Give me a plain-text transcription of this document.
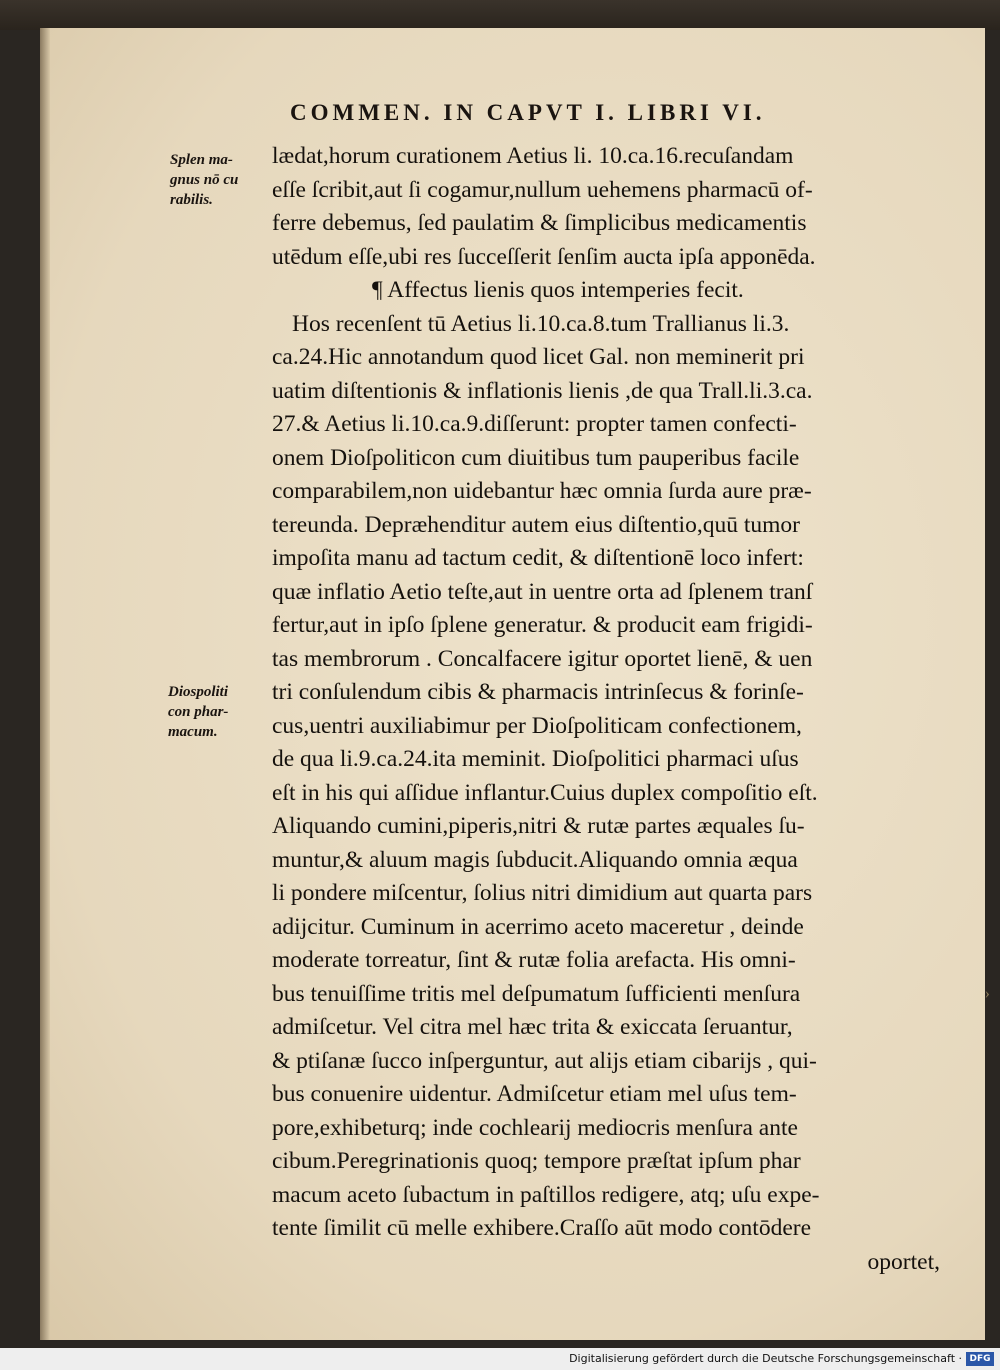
COMMEN. IN CAPVT I. LIBRI VI.
Splen ma-
gnus nō cu
rabilis.
Diospoliti
con phar-
macum.
lædat,horum curationem Aetius li. 10.ca.16.recuſandam
eſſe ſcribit,aut ſi cogamur,nullum uehemens pharmacū of-
ferre debemus, ſed paulatim & ſimplicibus medicamentis
utēdum eſſe,ubi res ſucceſſerit ſenſim aucta ipſa apponēda.
¶ Affectus lienis quos intemperies fecit.
Hos recenſent tū Aetius li.10.ca.8.tum Trallianus li.3.
ca.24.Hic annotandum quod licet Gal. non meminerit pri
uatim diſtentionis & inflationis lienis ,de qua Trall.li.3.ca.
27.& Aetius li.10.ca.9.diſſerunt: propter tamen confecti-
onem Dioſpoliticon cum diuitibus tum pauperibus facile
comparabilem,non uidebantur hæc omnia ſurda aure præ-
tereunda. Depræhenditur autem eius diſtentio,quū tumor
impoſita manu ad tactum cedit, & diſtentionē loco infert:
quæ inflatio Aetio teſte,aut in uentre orta ad ſplenem tranſ
fertur,aut in ipſo ſplene generatur. & producit eam frigidi-
tas membrorum . Concalfacere igitur oportet lienē, & uen
tri conſulendum cibis & pharmacis intrinſecus & forinſe-
cus,uentri auxiliabimur per Dioſpoliticam confectionem,
de qua li.9.ca.24.ita meminit. Dioſpolitici pharmaci uſus
eſt in his qui aſſidue inflantur.Cuius duplex compoſitio eſt.
Aliquando cumini,piperis,nitri & rutæ partes æquales ſu-
muntur,& aluum magis ſubducit.Aliquando omnia æqua
li pondere miſcentur, ſolius nitri dimidium aut quarta pars
adijcitur. Cuminum in acerrimo aceto maceretur , deinde
moderate torreatur, ſint & rutæ folia arefacta. His omni-
bus tenuiſſime tritis mel deſpumatum ſufficienti menſura
admiſcetur. Vel citra mel hæc trita & exiccata ſeruantur,
& ptiſanæ ſucco inſperguntur, aut alijs etiam cibarijs , qui-
bus conuenire uidentur. Admiſcetur etiam mel uſus tem-
pore,exhibeturq; inde cochlearij mediocris menſura ante
cibum.Peregrinationis quoq; tempore præſtat ipſum phar
macum aceto ſubactum in paſtillos redigere, atq; uſu expe-
tente ſimilit cū melle exhibere.Craſſo aūt modo contōdere
oportet,
›
Digitalisierung gefördert durch die Deutsche Forschungsgemeinschaft · DFG
